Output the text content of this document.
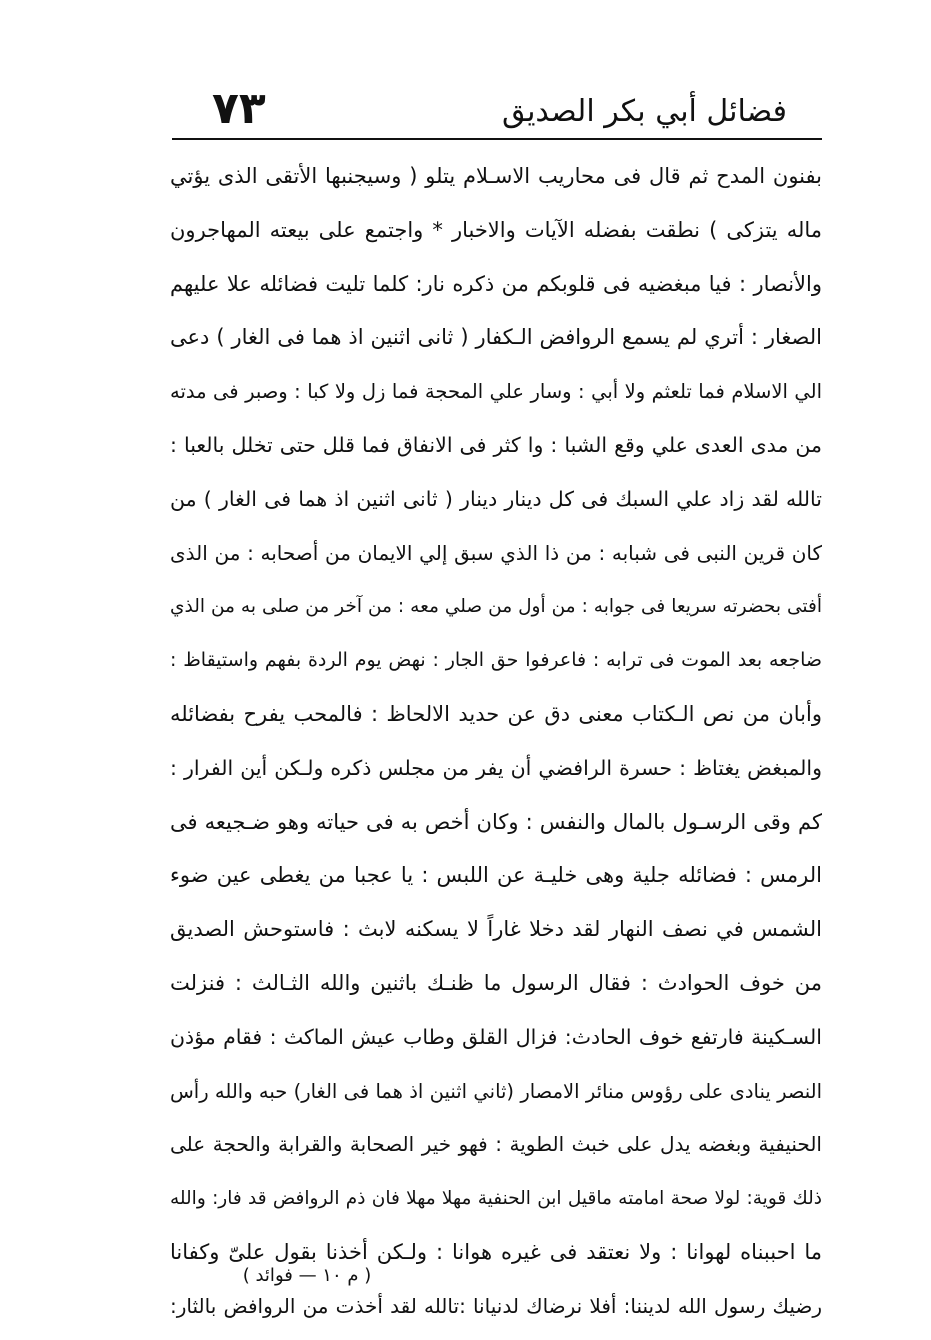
٧٣	فضائل أبي بكر الصديق
بفنون المدح ثم قال فى محاريب الاسـلام يتلو ( وسيجنبها الأتقى الذى يؤتي
ماله يتزكى ) نطقت بفضله الآيات والاخبار * واجتمع على بيعته المهاجرون
والأنصار : فيا مبغضيه فى قلوبكم من ذكره نار: كلما تليت فضائله علا عليهم
الصغار : أتري لم يسمع الروافض الـكفار ( ثانى اثنين اذ هما فى الغار ) دعى
الي الاسلام فما تلعثم ولا أبي : وسار علي المحجة فما زل ولا كبا : وصبر فى مدته
من مدى العدى علي وقع الشبا : وا كثر فى الانفاق فما قلل حتى تخلل بالعبا :
تالله لقد زاد علي السبك فى كل دينار دينار ( ثانى اثنين اذ هما فى الغار ) من
كان قرين النبى فى شبابه : من ذا الذي سبق إلي الايمان من أصحابه : من الذى
أفتى بحضرته سريعا فى جوابه : من أول من صلي معه : من آخر من صلى به من الذي
ضاجعه بعد الموت فى ترابه : فاعرفوا حق الجار : نهض يوم الردة بفهم واستيقاظ :
وأبان من نص الـكتاب معنى دق عن حديد الالحاظ : فالمحب يفرح بفضائله
والمبغض يغتاظ : حسرة الرافضي أن يفر من مجلس ذكره ولـكن أين الفرار :
كم وقى الرسـول بالمال والنفس : وكان أخص به فى حياته وهو ضـجيعه فى
الرمس : فضائله جلية وهى خليـة عن اللبس : يا عجبا من يغطى عين ضوء
الشمس في نصف النهار لقد دخلا غاراً لا يسكنه لابث : فاستوحش الصديق
من خوف الحوادث : فقال الرسول ما ظنـك باثنين والله الثـالث : فنزلت
السـكينة فارتفع خوف الحادث: فزال القلق وطاب عيش الماكث : فقام مؤذن
النصر ينادى على رؤوس منائر الامصار (ثاني اثنين اذ هما فى الغار) حبه والله رأس
الحنيفية وبغضه يدل على خبث الطوية : فهو خير الصحابة والقرابة والحجة على
ذلك قوية: لولا صحة امامته ماقيل ابن الحنفية مهلا مهلا فان ذم الروافض قد فار: والله
ما احببناه لهوانا : ولا نعتقد فى غيره هوانا : ولـكن أخذنا بقول علىّ وكفانا
رضيك رسول الله لديننا: أفلا نرضاك لدنيانا :تالله لقد أخذت من الروافض بالثار:
( م ١٠ — فوائد )
